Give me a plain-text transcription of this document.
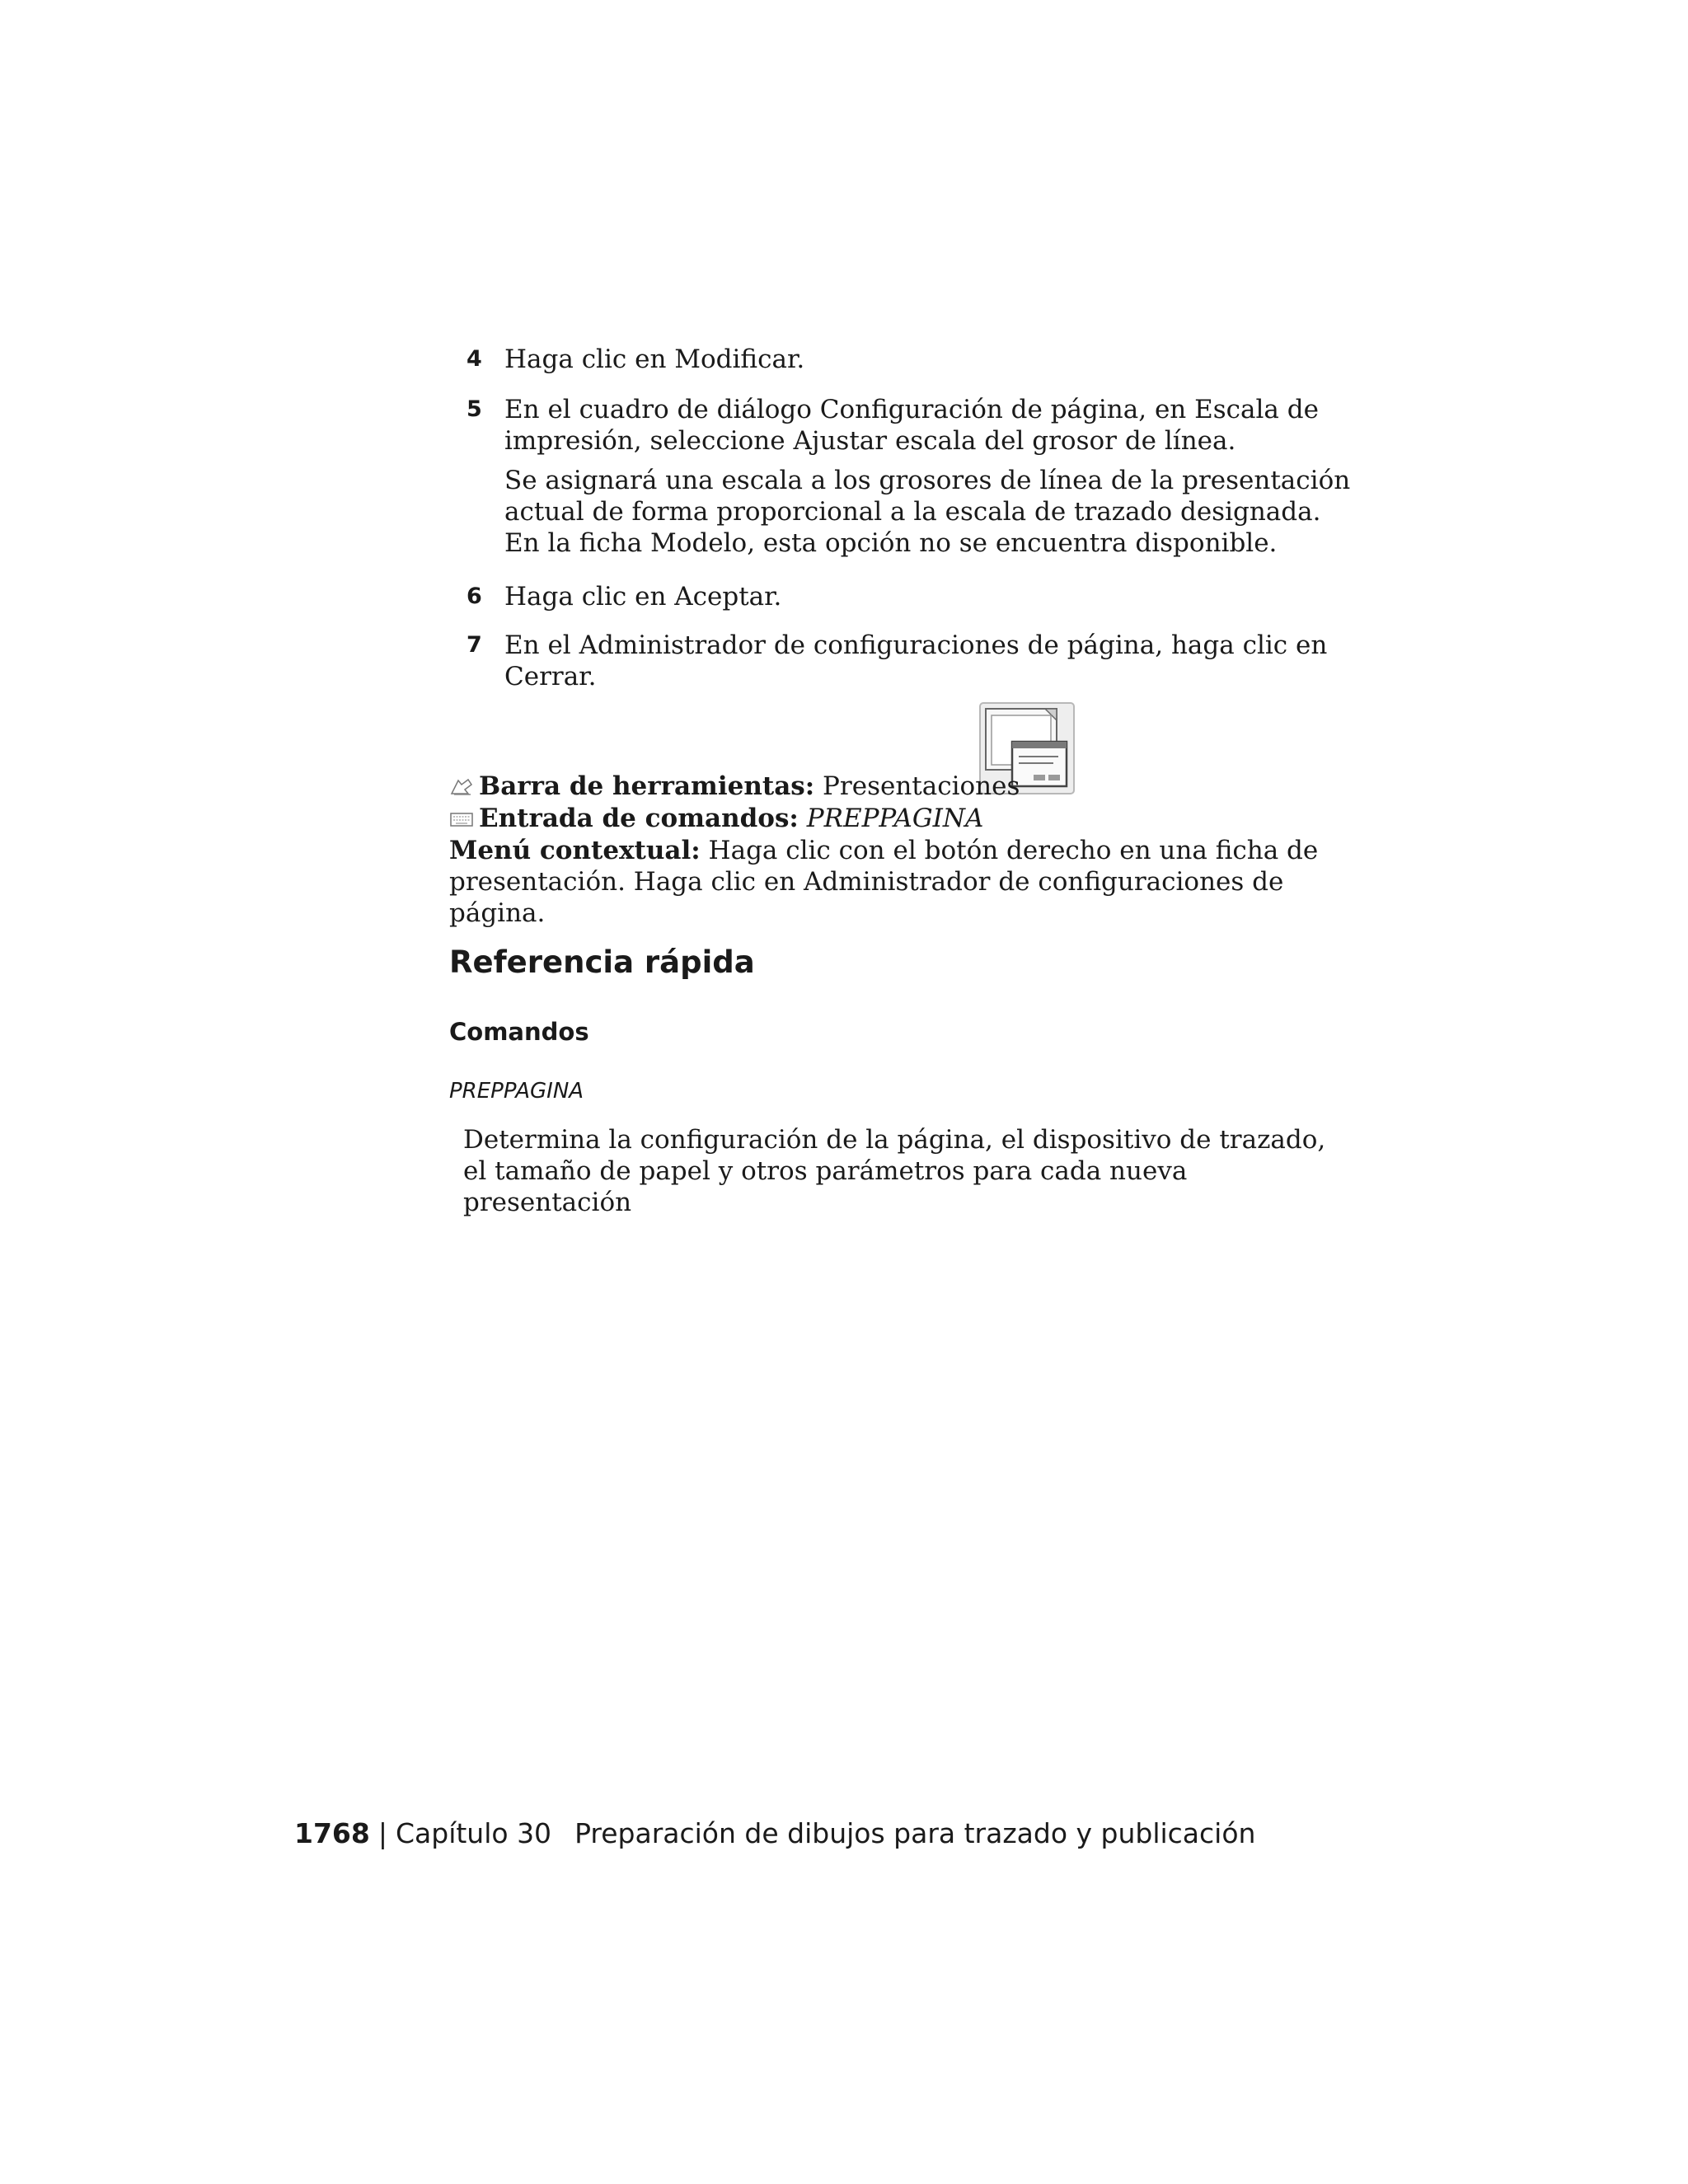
4 Haga clic en Modificar.
5 En el cuadro de diálogo Configuración de página, en Escala de impresión, seleccione Ajustar escala del grosor de línea.
Se asignará una escala a los grosores de línea de la presentación actual de forma proporcional a la escala de trazado designada. En la ficha Modelo, esta opción no se encuentra disponible.
6 Haga clic en Aceptar.
7 En el Administrador de configuraciones de página, haga clic en Cerrar.
Barra de herramientas: Presentaciones
Entrada de comandos: PREPPAGINA
Menú contextual: Haga clic con el botón derecho en una ficha de presentación. Haga clic en Administrador de configuraciones de página.
Referencia rápida
Comandos
PREPPAGINA
Determina la configuración de la página, el dispositivo de trazado, el tamaño de papel y otros parámetros para cada nueva presentación
1768 | Capítulo 30 Preparación de dibujos para trazado y publicación
